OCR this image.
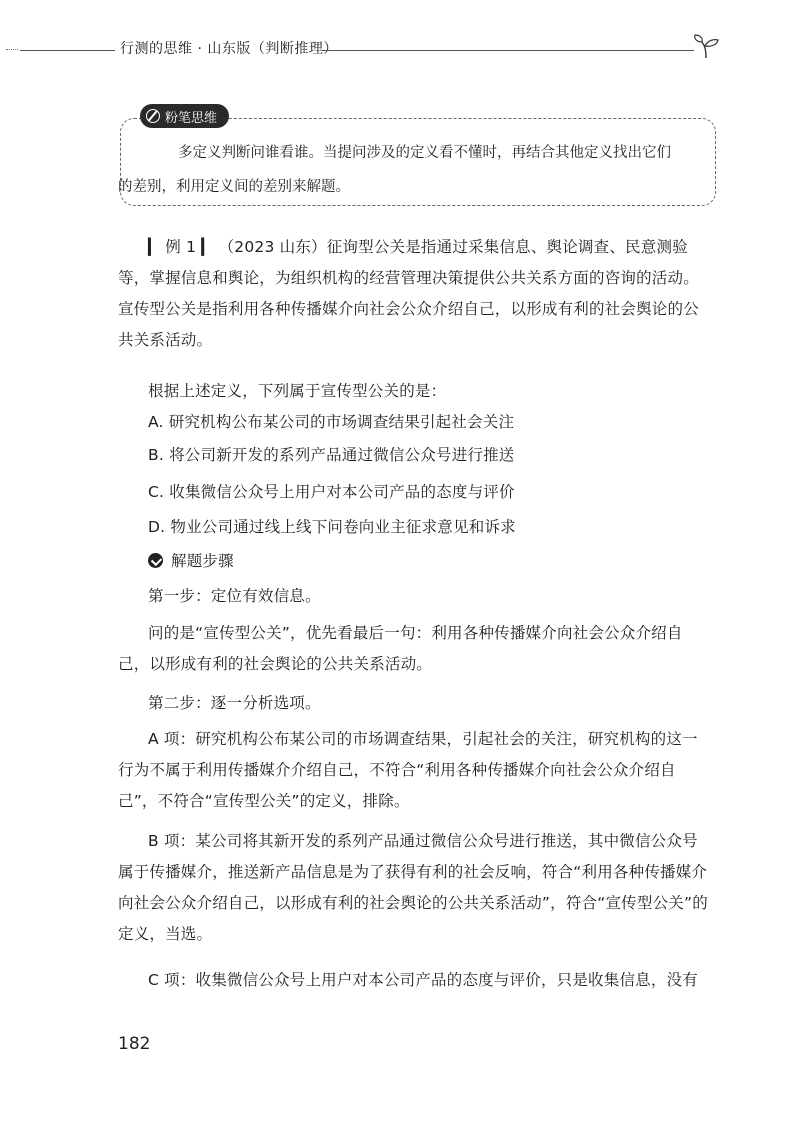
行测的思维 · 山东版（判断推理）
粉笔思维
多定义判断问谁看谁。当提问涉及的定义看不懂时，再结合其他定义找出它们
的差别，利用定义间的差别来解题。
▎ 例 1 ▎ （2023 山东）征询型公关是指通过采集信息、舆论调查、民意测验等，掌握信息和舆论，为组织机构的经营管理决策提供公共关系方面的咨询的活动。宣传型公关是指利用各种传播媒介向社会公众介绍自己，以形成有利的社会舆论的公共关系活动。
根据上述定义，下列属于宣传型公关的是：
A. 研究机构公布某公司的市场调查结果引起社会关注
B. 将公司新开发的系列产品通过微信公众号进行推送
C. 收集微信公众号上用户对本公司产品的态度与评价
D. 物业公司通过线上线下问卷向业主征求意见和诉求
解题步骤
第一步：定位有效信息。
问的是“宣传型公关”，优先看最后一句：利用各种传播媒介向社会公众介绍自己，以形成有利的社会舆论的公共关系活动。
第二步：逐一分析选项。
A 项：研究机构公布某公司的市场调查结果，引起社会的关注，研究机构的这一行为不属于利用传播媒介介绍自己，不符合“利用各种传播媒介向社会公众介绍自己”，不符合“宣传型公关”的定义，排除。
B 项：某公司将其新开发的系列产品通过微信公众号进行推送，其中微信公众号属于传播媒介，推送新产品信息是为了获得有利的社会反响，符合“利用各种传播媒介向社会公众介绍自己，以形成有利的社会舆论的公共关系活动”，符合“宣传型公关”的定义，当选。
C 项：收集微信公众号上用户对本公司产品的态度与评价，只是收集信息，没有
182
